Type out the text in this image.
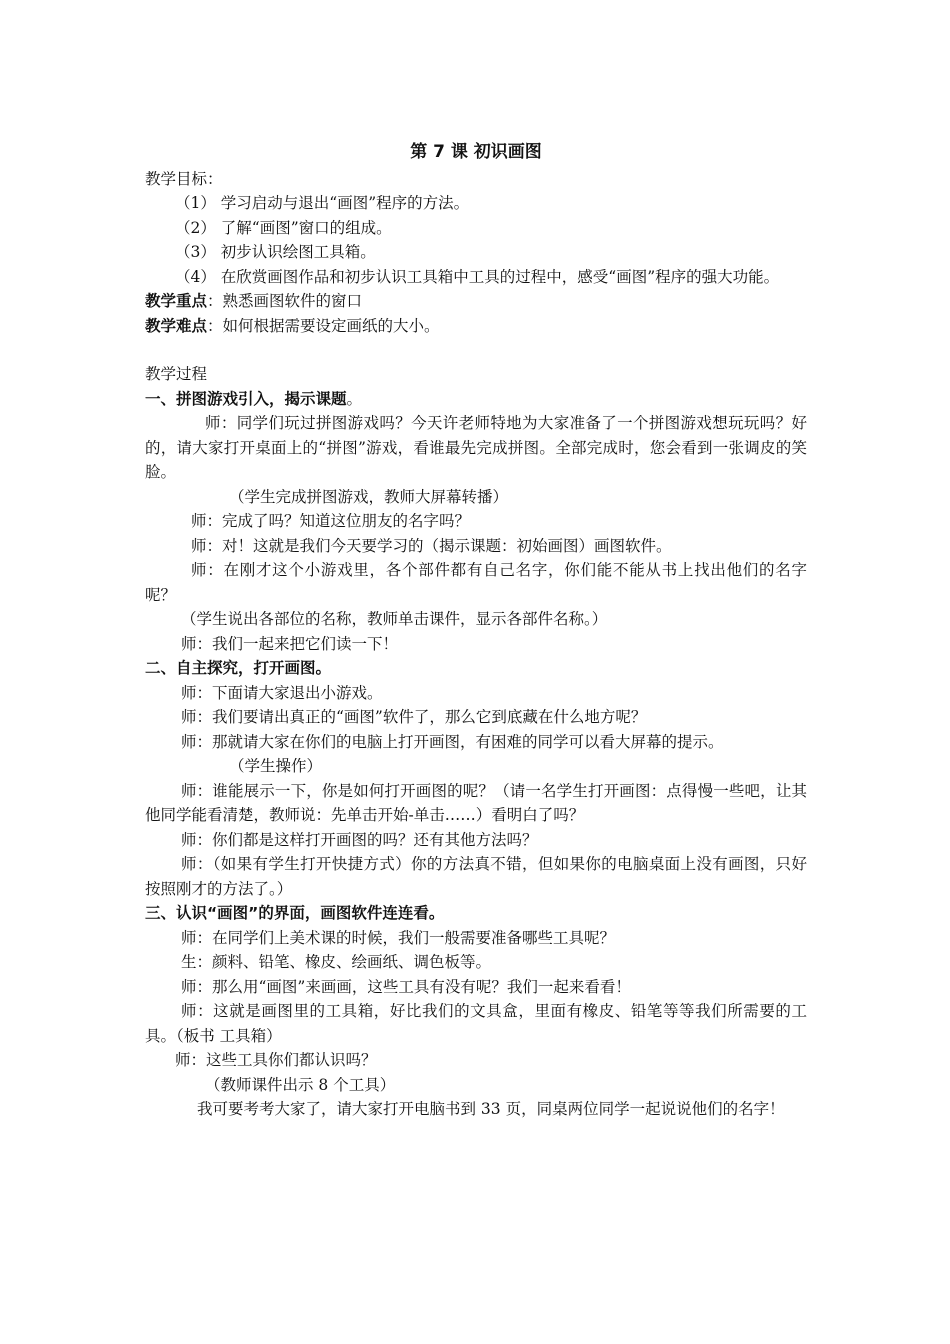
第 7 课 初识画图

教学目标：

（1） 学习启动与退出“画图”程序的方法。

（2） 了解“画图”窗口的组成。

（3） 初步认识绘图工具箱。

（4） 在欣赏画图作品和初步认识工具箱中工具的过程中，感受“画图”程序的强大功能。

教学重点：熟悉画图软件的窗口

教学难点：如何根据需要设定画纸的大小。

教学过程

一、拼图游戏引入，揭示课题。

师：同学们玩过拼图游戏吗？今天许老师特地为大家准备了一个拼图游戏想玩玩吗？好的，请大家打开桌面上的“拼图”游戏，看谁最先完成拼图。全部完成时，您会看到一张调皮的笑脸。

（学生完成拼图游戏，教师大屏幕转播）

师：完成了吗？知道这位朋友的名字吗？

师：对！这就是我们今天要学习的（揭示课题：初始画图）画图软件。

师：在刚才这个小游戏里，各个部件都有自己名字，你们能不能从书上找出他们的名字呢？

（学生说出各部位的名称，教师单击课件，显示各部件名称。）

师：我们一起来把它们读一下！

二、自主探究，打开画图。

师：下面请大家退出小游戏。

师：我们要请出真正的“画图”软件了，那么它到底藏在什么地方呢？

师：那就请大家在你们的电脑上打开画图，有困难的同学可以看大屏幕的提示。

（学生操作）

师：谁能展示一下，你是如何打开画图的呢？（请一名学生打开画图：点得慢一些吧，让其他同学能看清楚，教师说：先单击开始-单击……）看明白了吗？

师：你们都是这样打开画图的吗？还有其他方法吗？

师：（如果有学生打开快捷方式）你的方法真不错，但如果你的电脑桌面上没有画图，只好按照刚才的方法了。）

三、认识“画图”的界面，画图软件连连看。

师：在同学们上美术课的时候，我们一般需要准备哪些工具呢？

生：颜料、铅笔、橡皮、绘画纸、调色板等。

师：那么用“画图”来画画，这些工具有没有呢？我们一起来看看！

师：这就是画图里的工具箱，好比我们的文具盒，里面有橡皮、铅笔等等我们所需要的工具。（板书 工具箱）

师：这些工具你们都认识吗？

（教师课件出示 8 个工具）

我可要考考大家了，请大家打开电脑书到 33 页，同桌两位同学一起说说他们的名字！
